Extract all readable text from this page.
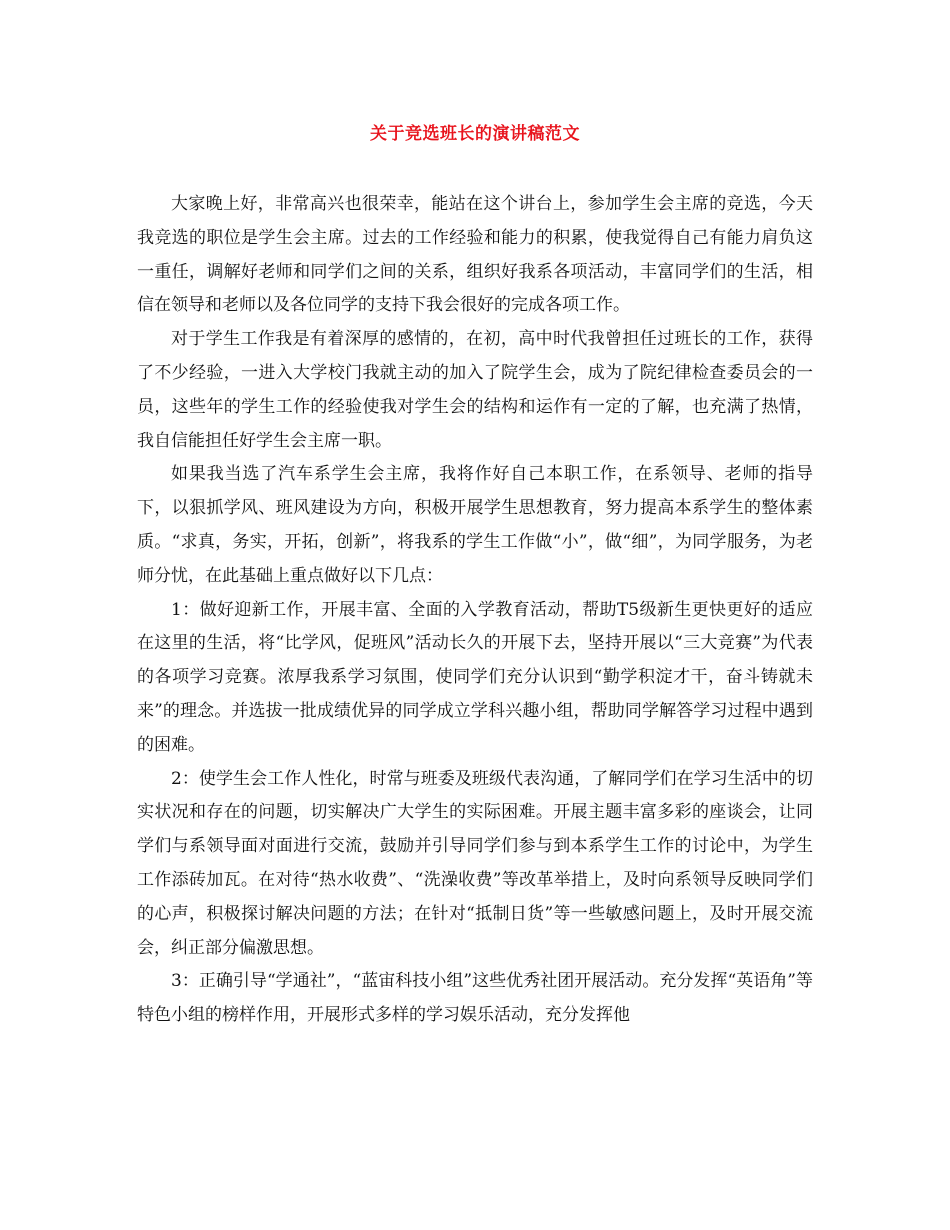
关于竞选班长的演讲稿范文

大家晚上好，非常高兴也很荣幸，能站在这个讲台上，参加学生会主席的竞选，今天我竞选的职位是学生会主席。过去的工作经验和能力的积累，使我觉得自己有能力肩负这一重任，调解好老师和同学们之间的关系，组织好我系各项活动，丰富同学们的生活，相信在领导和老师以及各位同学的支持下我会很好的完成各项工作。

对于学生工作我是有着深厚的感情的，在初，高中时代我曾担任过班长的工作，获得了不少经验，一进入大学校门我就主动的加入了院学生会，成为了院纪律检查委员会的一员，这些年的学生工作的经验使我对学生会的结构和运作有一定的了解，也充满了热情，我自信能担任好学生会主席一职。

如果我当选了汽车系学生会主席，我将作好自己本职工作，在系领导、老师的指导下，以狠抓学风、班风建设为方向，积极开展学生思想教育，努力提高本系学生的整体素质。“求真，务实，开拓，创新”，将我系的学生工作做“小”，做“细”，为同学服务，为老师分忧，在此基础上重点做好以下几点：

1：做好迎新工作，开展丰富、全面的入学教育活动，帮助T5级新生更快更好的适应在这里的生活，将“比学风，促班风”活动长久的开展下去，坚持开展以“三大竞赛”为代表的各项学习竞赛。浓厚我系学习氛围，使同学们充分认识到“勤学积淀才干，奋斗铸就未来”的理念。并选拔一批成绩优异的同学成立学科兴趣小组，帮助同学解答学习过程中遇到的困难。

2：使学生会工作人性化，时常与班委及班级代表沟通，了解同学们在学习生活中的切实状况和存在的问题，切实解决广大学生的实际困难。开展主题丰富多彩的座谈会，让同学们与系领导面对面进行交流，鼓励并引导同学们参与到本系学生工作的讨论中，为学生工作添砖加瓦。在对待“热水收费”、“洗澡收费”等改革举措上，及时向系领导反映同学们的心声，积极探讨解决问题的方法；在针对“抵制日货”等一些敏感问题上，及时开展交流会，纠正部分偏激思想。

3：正确引导“学通社”，“蓝宙科技小组”这些优秀社团开展活动。充分发挥“英语角”等特色小组的榜样作用，开展形式多样的学习娱乐活动，充分发挥他
